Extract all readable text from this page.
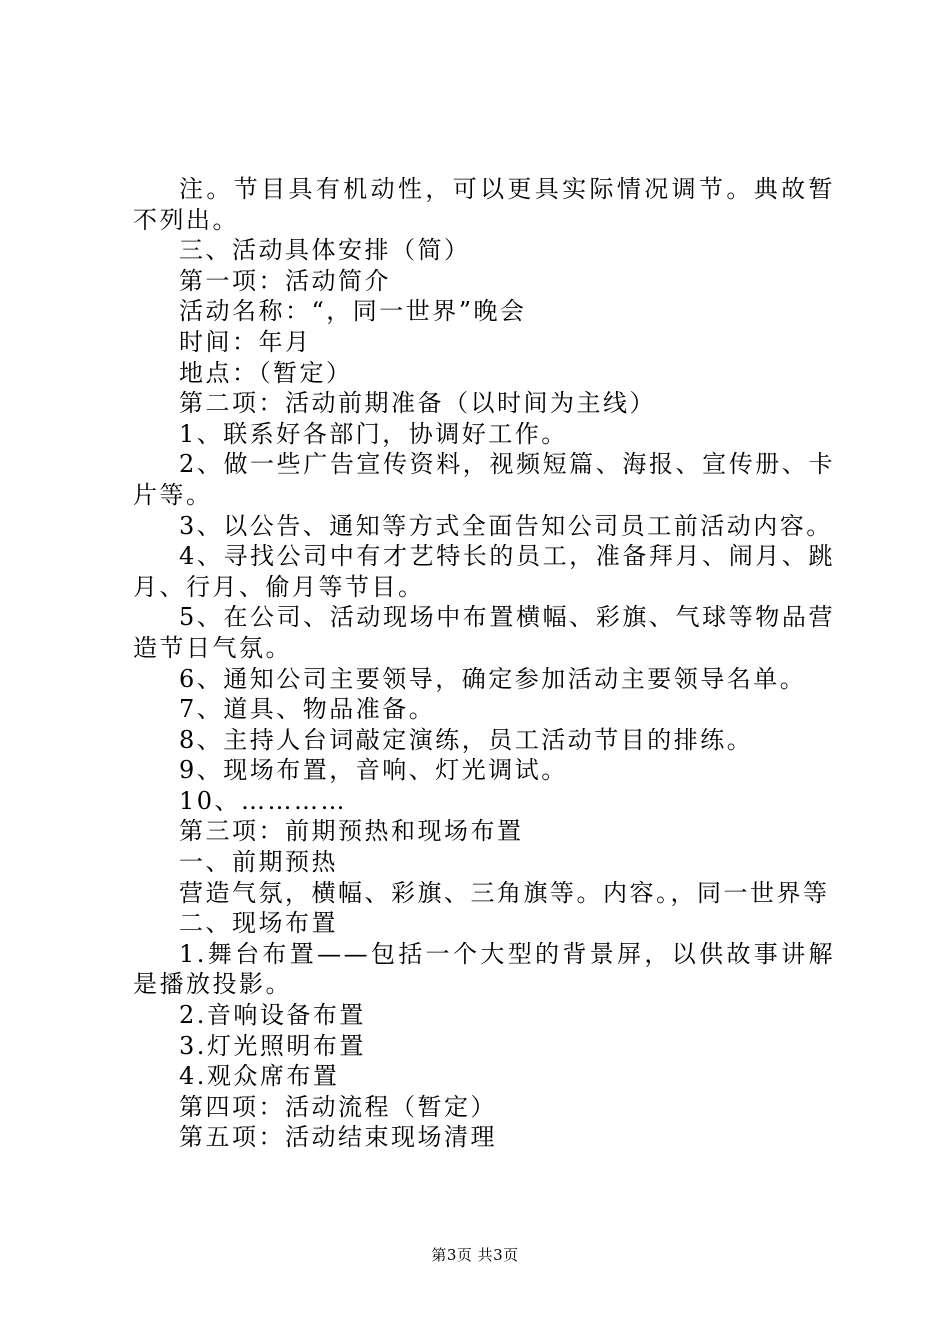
注。节目具有机动性，可以更具实际情况调节。典故暂不列出。

三、活动具体安排（简）

第一项：活动简介

活动名称：“，同一世界”晚会

时间：年月

地点：（暂定）

第二项：活动前期准备（以时间为主线）

1、联系好各部门，协调好工作。

2、做一些广告宣传资料，视频短篇、海报、宣传册、卡片等。

3、以公告、通知等方式全面告知公司员工前活动内容。

4、寻找公司中有才艺特长的员工，准备拜月、闹月、跳月、行月、偷月等节目。

5、在公司、活动现场中布置横幅、彩旗、气球等物品营造节日气氛。

6、通知公司主要领导，确定参加活动主要领导名单。

7、道具、物品准备。

8、主持人台词敲定演练，员工活动节目的排练。

9、现场布置，音响、灯光调试。

10、…………

第三项：前期预热和现场布置

一、前期预热

营造气氛，横幅、彩旗、三角旗等。内容。，同一世界等

二、现场布置

1.舞台布置——包括一个大型的背景屏，以供故事讲解是播放投影。

2.音响设备布置

3.灯光照明布置

4.观众席布置

第四项：活动流程（暂定）

第五项：活动结束现场清理

第3页 共3页
